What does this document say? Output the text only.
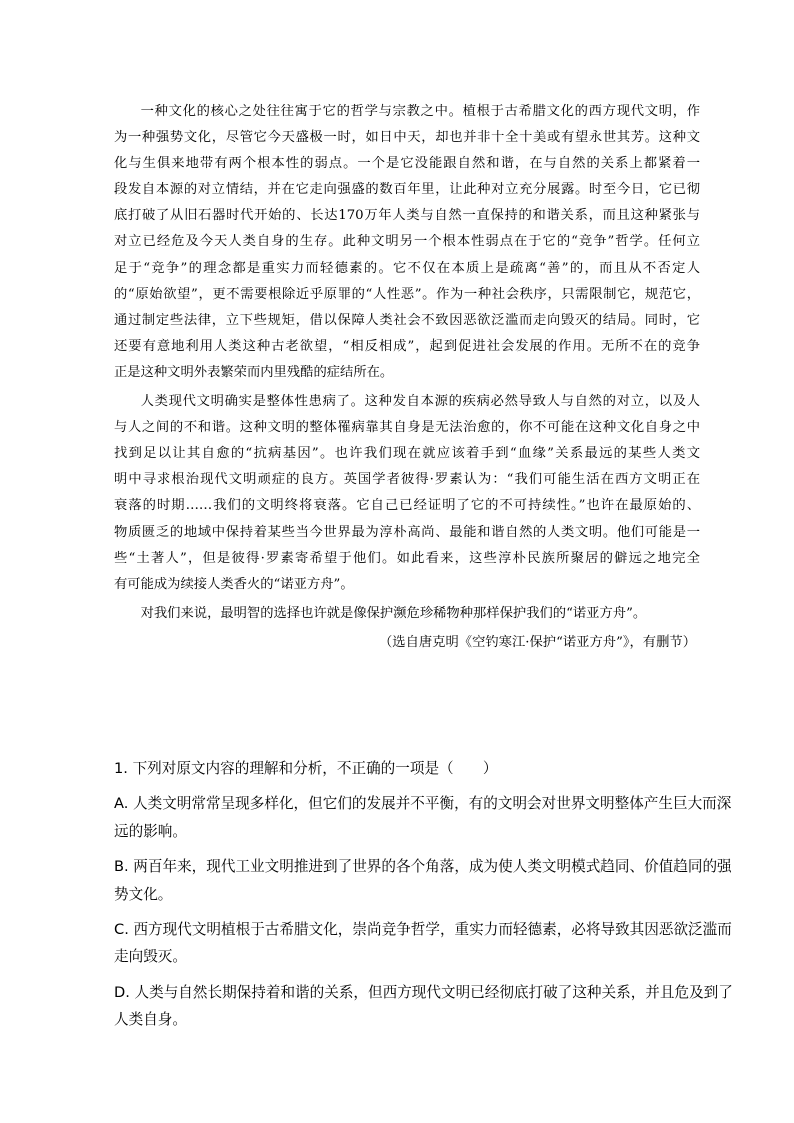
一种文化的核心之处往往寓于它的哲学与宗教之中。植根于古希腊文化的西方现代文明，作
为一种强势文化，尽管它今天盛极一时，如日中天，却也并非十全十美或有望永世其芳。这种文
化与生俱来地带有两个根本性的弱点。一个是它没能跟自然和谐，在与自然的关系上都紧着一
段发自本源的对立情结，并在它走向强盛的数百年里，让此种对立充分展露。时至今日，它已彻
底打破了从旧石器时代开始的、长达170万年人类与自然一直保持的和谐关系，而且这种紧张与
对立已经危及今天人类自身的生存。此种文明另一个根本性弱点在于它的“竞争”哲学。任何立
足于“竞争”的理念都是重实力而轻德素的。它不仅在本质上是疏离“善”的，而且从不否定人
的“原始欲望”，更不需要根除近乎原罪的“人性恶”。作为一种社会秩序，只需限制它，规范它，
通过制定些法律，立下些规矩，借以保障人类社会不致因恶欲泛滥而走向毁灭的结局。同时，它
还要有意地利用人类这种古老欲望，“相反相成”，起到促进社会发展的作用。无所不在的竞争
正是这种文明外表繁荣而内里残酷的症结所在。
人类现代文明确实是整体性患病了。这种发自本源的疾病必然导致人与自然的对立，以及人
与人之间的不和谐。这种文明的整体罹病靠其自身是无法治愈的，你不可能在这种文化自身之中
找到足以让其自愈的“抗病基因”。也许我们现在就应该着手到“血缘”关系最远的某些人类文
明中寻求根治现代文明顽症的良方。英国学者彼得·罗素认为：“我们可能生活在西方文明正在
衰落的时期……我们的文明终将衰落。它自己已经证明了它的不可持续性。”也许在最原始的、
物质匮乏的地域中保持着某些当今世界最为淳朴高尚、最能和谐自然的人类文明。他们可能是一
些“土著人”，但是彼得·罗素寄希望于他们。如此看来，这些淳朴民族所聚居的僻远之地完全
有可能成为续接人类香火的“诺亚方舟”。
对我们来说，最明智的选择也许就是像保护濒危珍稀物种那样保护我们的“诺亚方舟”。
（选自唐克明《空钓寒江·保护“诺亚方舟”》，有删节）
1. 下列对原文内容的理解和分析，不正确的一项是（　　）
A. 人类文明常常呈现多样化，但它们的发展并不平衡，有的文明会对世界文明整体产生巨大而深
远的影响。
B. 两百年来，现代工业文明推进到了世界的各个角落，成为使人类文明模式趋同、价值趋同的强
势文化。
C. 西方现代文明植根于古希腊文化，崇尚竞争哲学，重实力而轻德素，必将导致其因恶欲泛滥而
走向毁灭。
D. 人类与自然长期保持着和谐的关系，但西方现代文明已经彻底打破了这种关系，并且危及到了
人类自身。
